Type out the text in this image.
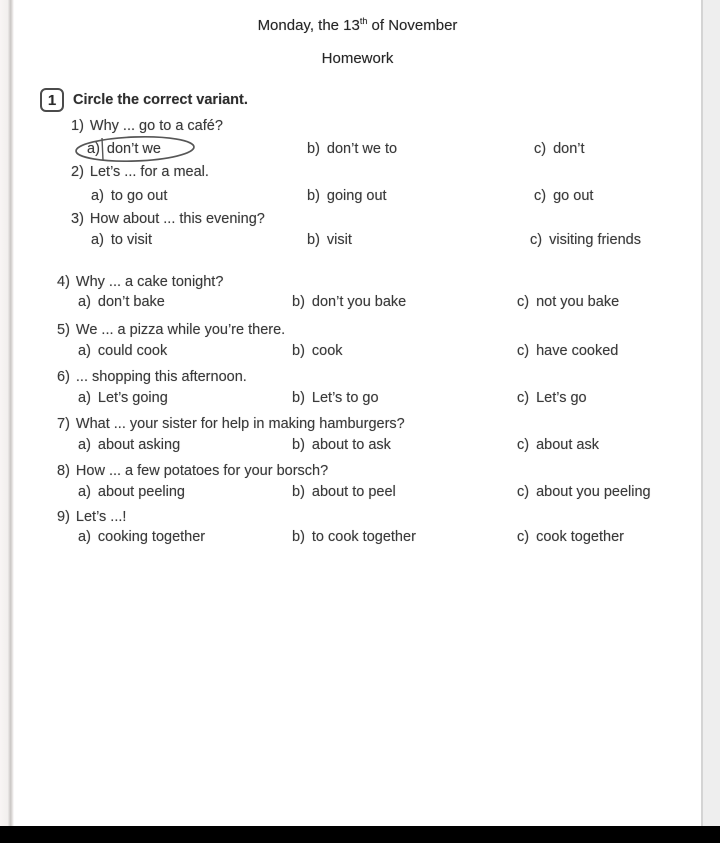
Monday, the 13th of November
Homework
1	Circle the correct variant.
1) Why ... go to a café?
a) don’t we	b) don’t we to	c) don’t
2) Let’s ... for a meal.
a) to go out	b) going out	c) go out
3) How about ... this evening?
a) to visit	b) visit	c) visiting friends
4) Why ... a cake tonight?
a) don’t bake	b) don’t you bake	c) not you bake
5) We ... a pizza while you’re there.
a) could cook	b) cook	c) have cooked
6) ... shopping this afternoon.
a) Let’s going	b) Let’s to go	c) Let’s go
7) What ... your sister for help in making hamburgers?
a) about asking	b) about to ask	c) about ask
8) How ... a few potatoes for your borsch?
a) about peeling	b) about to peel	c) about you peeling
9) Let’s ...!
a) cooking together	b) to cook together	c) cook together
